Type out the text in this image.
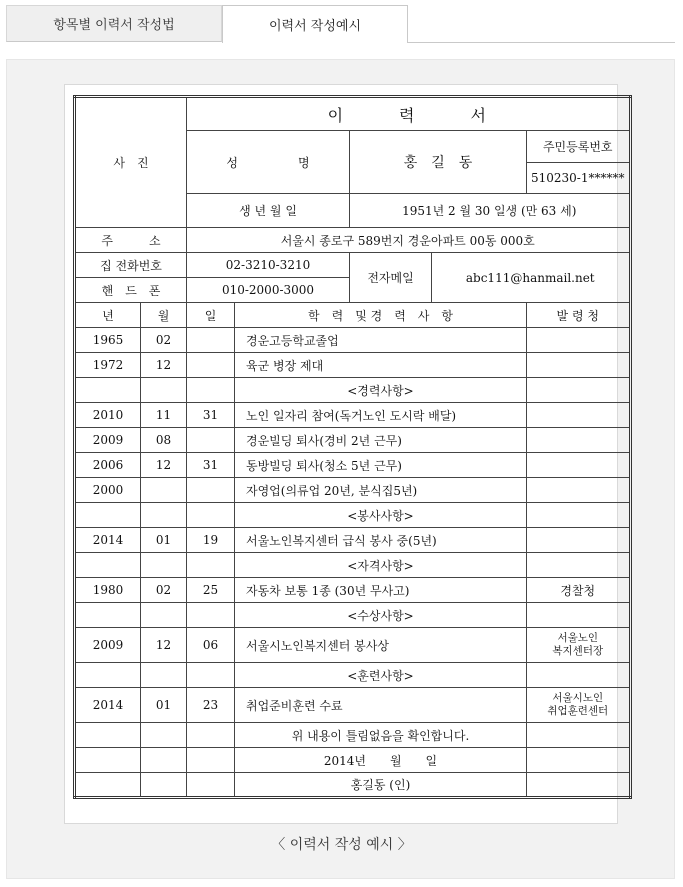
항목별 이력서 작성법	이력서 작성예시
사　진		이　　　력　　　서				
		성　　　　　명		홍　길　동		주민등록번호
						510230-1******
		생 년 월 일		1951년 2 월 30 일생 (만 63 세)		
주　　　소		서울시 종로구 589번지 경운아파트 00동 000호				
집 전화번호		02-3210-3210		전자메일	abc111@hanmail.net	
핸　드　폰		010-2000-3000				
년	월	일	학　력　및 경　력　사　항			발 령 청
1965	02		경운고등학교졸업			
1972	12		육군 병장 제대			
			<경력사항>			
2010	11	31	노인 일자리 참여(독거노인 도시락 배달)			
2009	08		경운빌딩 퇴사(경비 2년 근무)			
2006	12	31	동방빌딩 퇴사(청소 5년 근무)			
2000			자영업(의류업 20년, 분식집5년)			
			<봉사사항>			
2014	01	19	서울노인복지센터 급식 봉사 중(5년)			
			<자격사항>			
1980	02	25	자동차 보통 1종 (30년 무사고)			경찰청
			<수상사항>			
2009	12	06	서울시노인복지센터 봉사상			서울노인
복지센터장
			<훈련사항>			
2014	01	23	취업준비훈련 수료			서울시노인
취업훈련센터
			위 내용이 틀림없음을 확인합니다.			
			2014년　　월　　일			
			홍길동 (인)			
〈 이력서 작성 예시 〉
